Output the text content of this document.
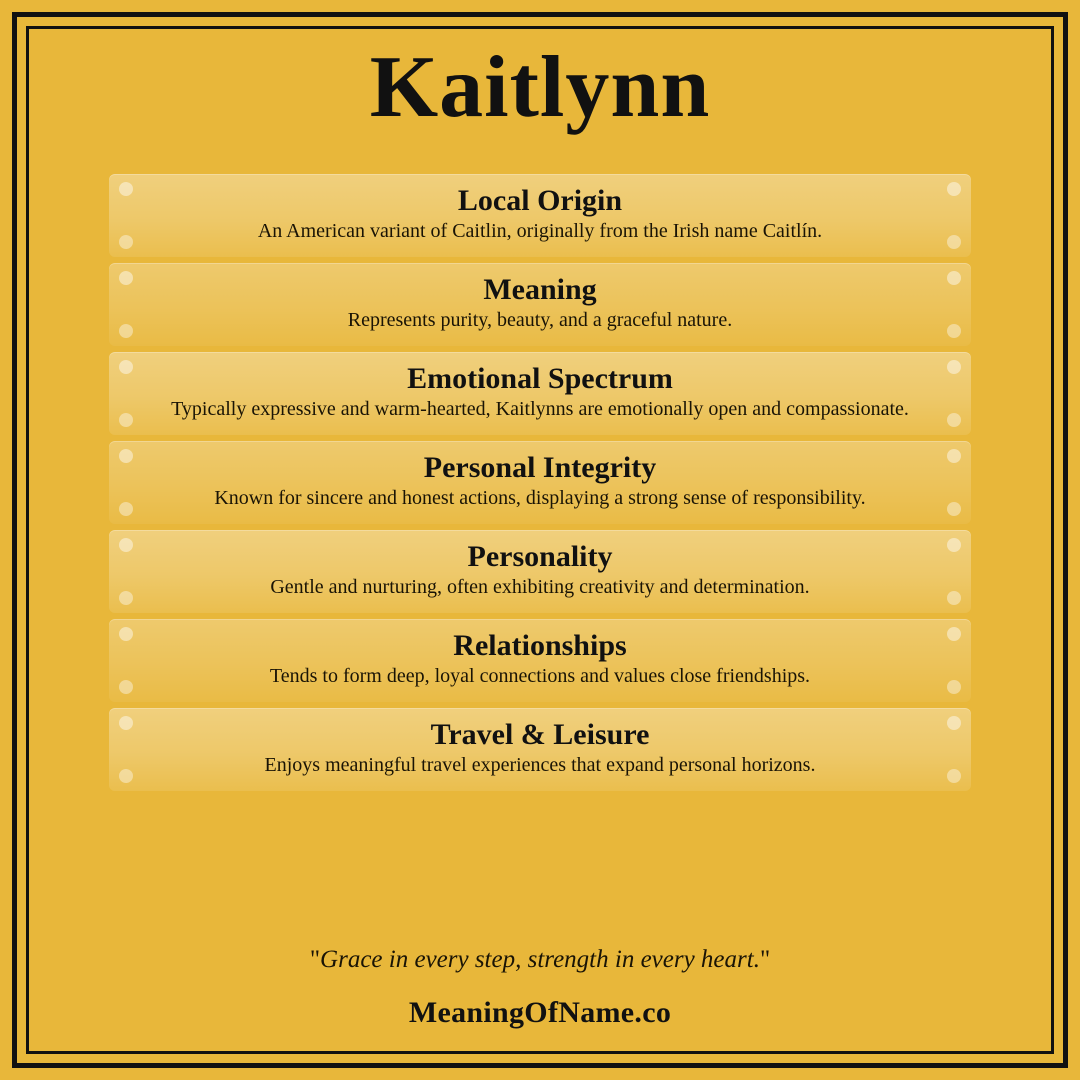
Kaitlynn
Local Origin
An American variant of Caitlin, originally from the Irish name Caitlín.
Meaning
Represents purity, beauty, and a graceful nature.
Emotional Spectrum
Typically expressive and warm-hearted, Kaitlynns are emotionally open and compassionate.
Personal Integrity
Known for sincere and honest actions, displaying a strong sense of responsibility.
Personality
Gentle and nurturing, often exhibiting creativity and determination.
Relationships
Tends to form deep, loyal connections and values close friendships.
Travel & Leisure
Enjoys meaningful travel experiences that expand personal horizons.
"Grace in every step, strength in every heart."
MeaningOfName.co
